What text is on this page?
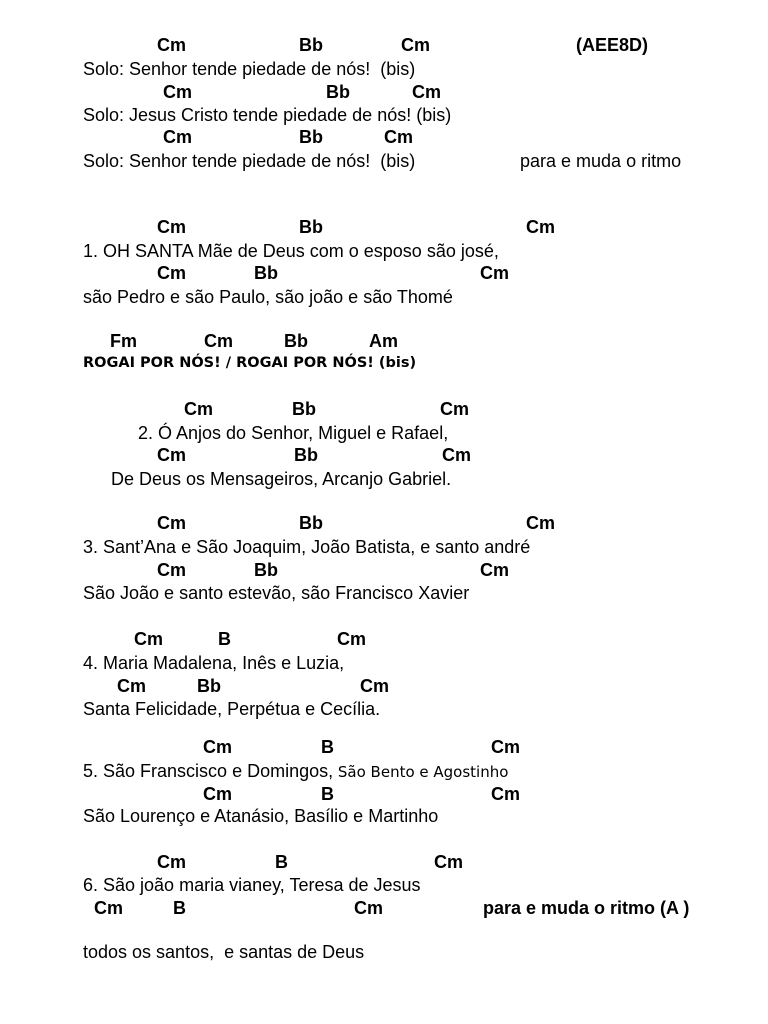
Cm	Bb	Cm	(AEE8D)
Solo: Senhor tende piedade de nós!  (bis)
Cm	Bb	Cm
Solo: Jesus Cristo tende piedade de nós! (bis)
Cm	Bb	Cm
Solo: Senhor tende piedade de nós!  (bis)	para e muda o ritmo
Cm	Bb	Cm
1. OH SANTA Mãe de Deus com o esposo são josé,
Cm	Bb	Cm
são Pedro e são Paulo, são joão e são Thomé
Fm	Cm	Bb	Am
ROGAI POR NÓS! / ROGAI POR NÓS! (bis)
Cm	Bb	Cm
2. Ó Anjos do Senhor, Miguel e Rafael,
Cm	Bb	Cm
De Deus os Mensageiros, Arcanjo Gabriel.
Cm	Bb	Cm
3. Sant’Ana e São Joaquim, João Batista, e santo andré
Cm	Bb	Cm
São João e santo estevão, são Francisco Xavier
Cm	B	Cm
4. Maria Madalena, Inês e Luzia,
Cm	Bb	Cm
Santa Felicidade, Perpétua e Cecília.
Cm	B	Cm
5. São Franscisco e Domingos, São Bento e Agostinho
Cm	B	Cm
São Lourenço e Atanásio, Basílio e Martinho
Cm	B	Cm
6. São joão maria vianey, Teresa de Jesus
Cm	B	Cm	para e muda o ritmo (A )
todos os santos,  e santas de Deus
